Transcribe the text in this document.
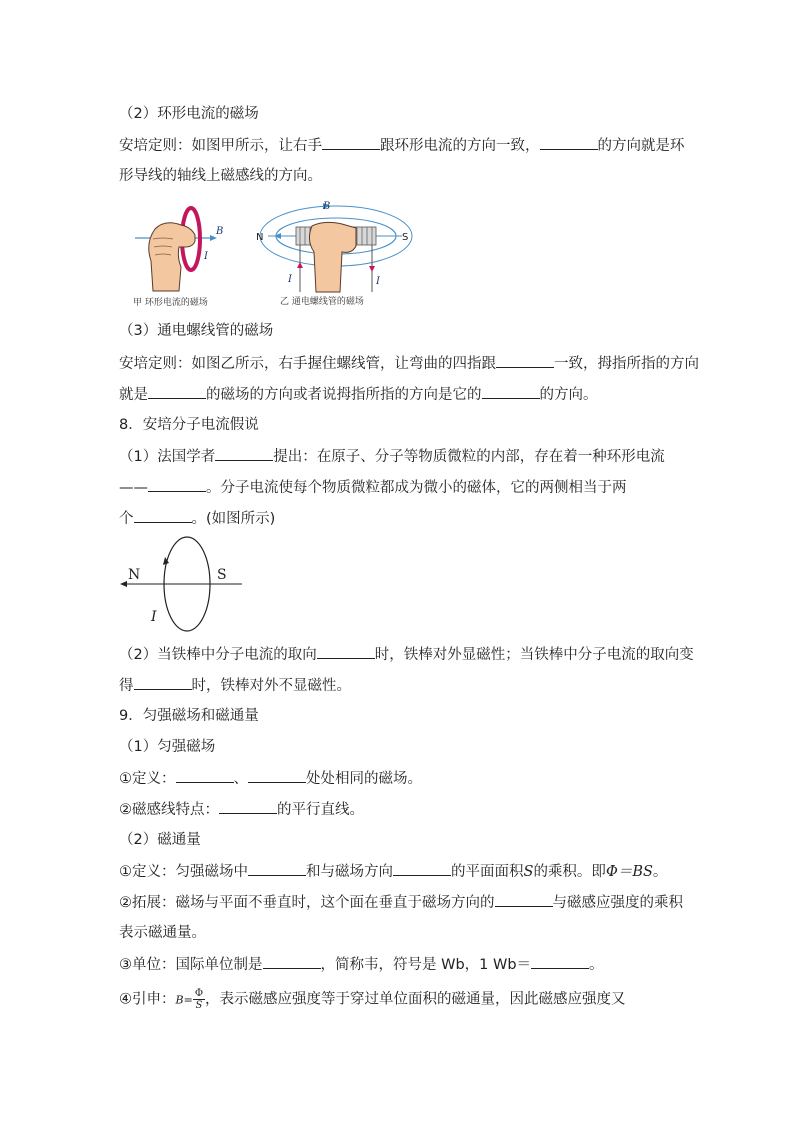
（2）环形电流的磁场
安培定则：如图甲所示，让右手	跟环形电流的方向一致，	的方向就是环
形导线的轴线上磁感线的方向。
B
I
甲 环形电流的磁场
B
N	S
I	I
乙 通电螺线管的磁场
（3）通电螺线管的磁场
安培定则：如图乙所示，右手握住螺线管，让弯曲的四指跟	一致，拇指所指的方向
就是	的磁场的方向或者说拇指所指的方向是它的	的方向。
8．安培分子电流假说
（1）法国学者	提出：在原子、分子等物质微粒的内部，存在着一种环形电流
——	。分子电流使每个物质微粒都成为微小的磁体，它的两侧相当于两
个	。(如图所示)
N	S
I
（2）当铁棒中分子电流的取向	时，铁棒对外显磁性；当铁棒中分子电流的取向变
得	时，铁棒对外不显磁性。
9．匀强磁场和磁通量
（1）匀强磁场
①定义：	、	处处相同的磁场。
②磁感线特点：	的平行直线。
（2）磁通量
①定义：匀强磁场中	和与磁场方向	的平面面积S的乘积。即Φ＝BS。
②拓展：磁场与平面不垂直时，这个面在垂直于磁场方向的	与磁感应强度的乘积
表示磁通量。
③单位：国际单位制是	，简称韦，符号是 Wb，1 Wb＝	。
④引申：$B= \frac{\Phi}{S}$ ，表示磁感应强度等于穿过单位面积的磁通量，因此磁感应强度又
